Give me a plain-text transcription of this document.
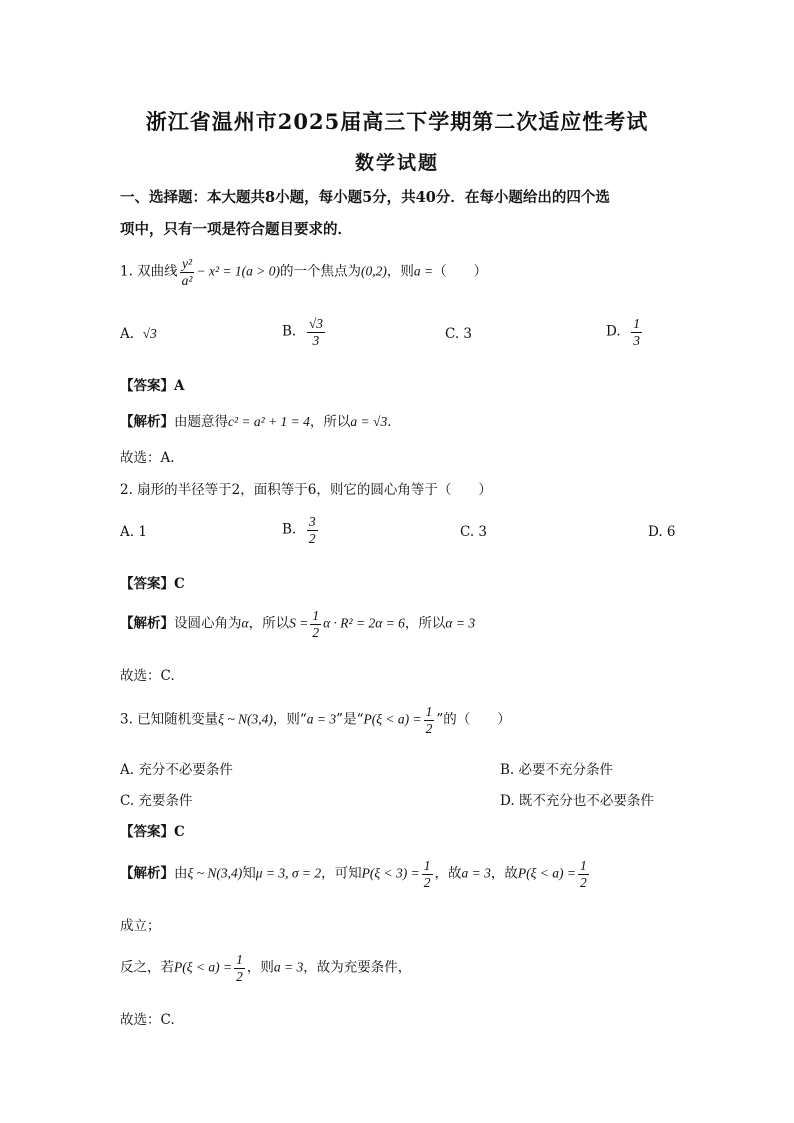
浙江省温州市2025届高三下学期第二次适应性考试
数学试题
一、选择题：本大题共8小题，每小题5分，共40分．在每小题给出的四个选
项中，只有一项是符合题目要求的．
1. 双曲线 $\frac{\text{y²}}{\text{a²}} - x^2 = 1(a > 0)$的一个焦点为(0,2)，则a =（　　）
A. √3	B. $\frac{√3}{3}$	C. 3	D. $\frac{1}{3}$
【答案】A
【解析】由题意得c² = a² + 1 = 4，所以a = √3．
故选：A.
2. 扇形的半径等于2，面积等于6，则它的圆心角等于（　　）
A. 1	B. $\frac{3}{2}$	C. 3	D. 6
【答案】C
【解析】设圆心角为α，所以$S = \frac{1}{2}$ α · R² = 2α = 6，所以α = 3
故选：C.
3. 已知随机变量ξ ~ N(3,4)，则“a = 3”是“$P(\xi < a) = \frac{1}{2}$ ”的（　　）
A. 充分不必要条件	B. 必要不充分条件
C. 充要条件	D. 既不充分也不必要条件
【答案】C
【解析】由ξ ~ N(3,4)知μ = 3, σ = 2，可知$P(\xi < 3) = \frac{1}{2}$ ，故a = 3，故$P(\xi < a) = \frac{1}{2}$
成立；
反之，若$P(\xi < a) = \frac{1}{2}$ ，则a = 3，故为充要条件，
故选：C.
